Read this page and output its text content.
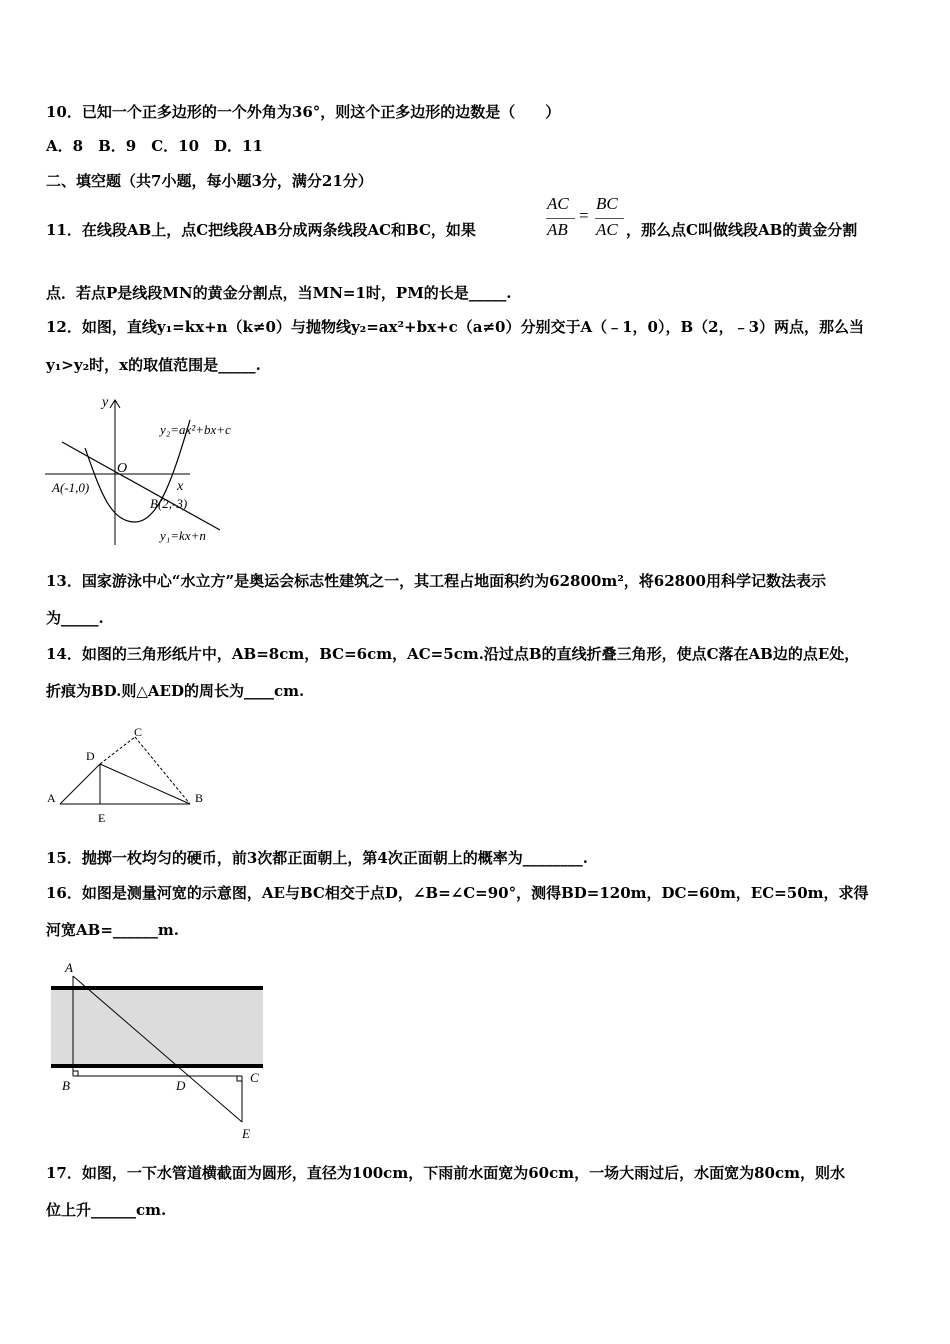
10．已知一个正多边形的一个外角为36°，则这个正多边形的边数是（　　）
A．8　B．9　C．10　D．11
二、填空题（共7小题，每小题3分，满分21分）
11．在线段AB上，点C把线段AB分成两条线段AC和BC，如果
AC
AB
=
BC
AC ，那么点C叫做线段AB的黄金分割
点．若点P是线段MN的黄金分割点，当MN=1时，PM的长是_____.
12．如图，直线y₁=kx+n（k≠0）与抛物线y₂=ax²+bx+c（a≠0）分别交于A（﹣1，0），B（2，﹣3）两点，那么当
y₁>y₂时，x的取值范围是_____.
y
x
O
A(-1,0)
B(2,-3)
y₂=ax²+bx+c
y₁=kx+n
13．国家游泳中心“水立方”是奥运会标志性建筑之一，其工程占地面积约为62800m²，将62800用科学记数法表示
为_____.
14．如图的三角形纸片中，AB=8cm，BC=6cm，AC=5cm.沿过点B的直线折叠三角形，使点C落在AB边的点E处，
折痕为BD.则△AED的周长为____cm.
A	B
C
D
E
15．抛掷一枚均匀的硬币，前3次都正面朝上，第4次正面朝上的概率为________.
16．如图是测量河宽的示意图，AE与BC相交于点D，∠B=∠C=90°，测得BD=120m，DC=60m，EC=50m，求得
河宽AB=______m.
A
B
C
D
E
17．如图，一下水管道横截面为圆形，直径为100cm，下雨前水面宽为60cm，一场大雨过后，水面宽为80cm，则水
位上升______cm.
